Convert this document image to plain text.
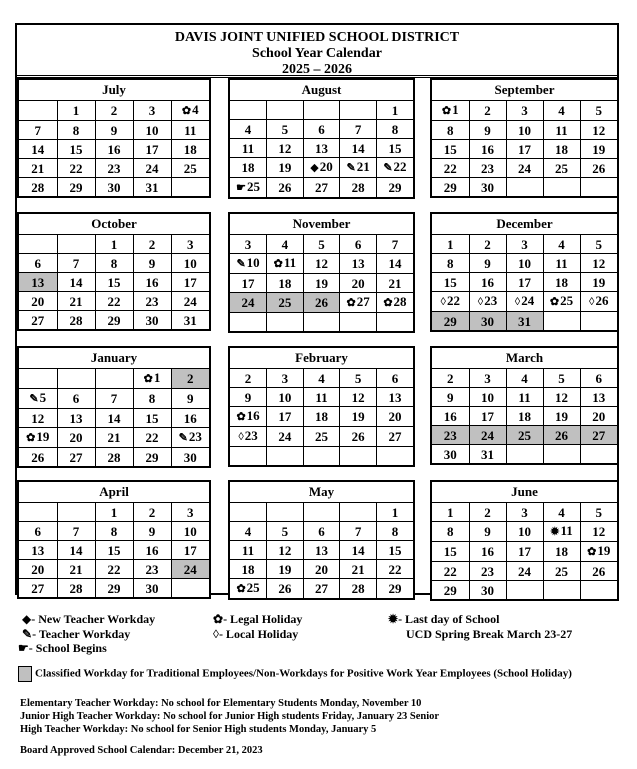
DAVIS JOINT UNIFIED SCHOOL DISTRICT
School Year Calendar
2025 – 2026
July
	1	2	3	✿4
7	8	9	10	11
14	15	16	17	18
21	22	23	24	25
28	29	30	31	
August
				1
4	5	6	7	8
11	12	13	14	15
18	19	◆20	✎21	✎22
☛25	26	27	28	29
September
✿1	2	3	4	5
8	9	10	11	12
15	16	17	18	19
22	23	24	25	26
29	30			
October
		1	2	3
6	7	8	9	10
13	14	15	16	17
20	21	22	23	24
27	28	29	30	31
November
3	4	5	6	7
✎10	✿11	12	13	14
17	18	19	20	21
24	25	26	✿27	✿28

December
1	2	3	4	5
8	9	10	11	12
15	16	17	18	19
◊22	◊23	◊24	✿25	◊26
29	30	31		
January
			✿1	2
✎5	6	7	8	9
12	13	14	15	16
✿19	20	21	22	✎23
26	27	28	29	30
February
2	3	4	5	6
9	10	11	12	13
✿16	17	18	19	20
◊23	24	25	26	27

March
2	3	4	5	6
9	10	11	12	13
16	17	18	19	20
23	24	25	26	27
30	31			
April
		1	2	3
6	7	8	9	10
13	14	15	16	17
20	21	22	23	24
27	28	29	30	
May
				1
4	5	6	7	8
11	12	13	14	15
18	19	20	21	22
✿25	26	27	28	29
June
1	2	3	4	5
8	9	10	✹11	12
15	16	17	18	✿19
22	23	24	25	26
29	30			
◆- New Teacher Workday
✎- Teacher Workday
☛- School Begins
✿- Legal Holiday
◊- Local Holiday
✹- Last day of School
UCD Spring Break March 23-27
Classified Workday for Traditional Employees/Non-Workdays for Positive Work Year Employees (School Holiday)
Elementary Teacher Workday: No school for Elementary Students Monday, November 10
Junior High Teacher Workday: No school for Junior High students Friday, January 23 Senior
High Teacher Workday: No school for Senior High students Monday, January 5
Board Approved School Calendar: December 21, 2023
